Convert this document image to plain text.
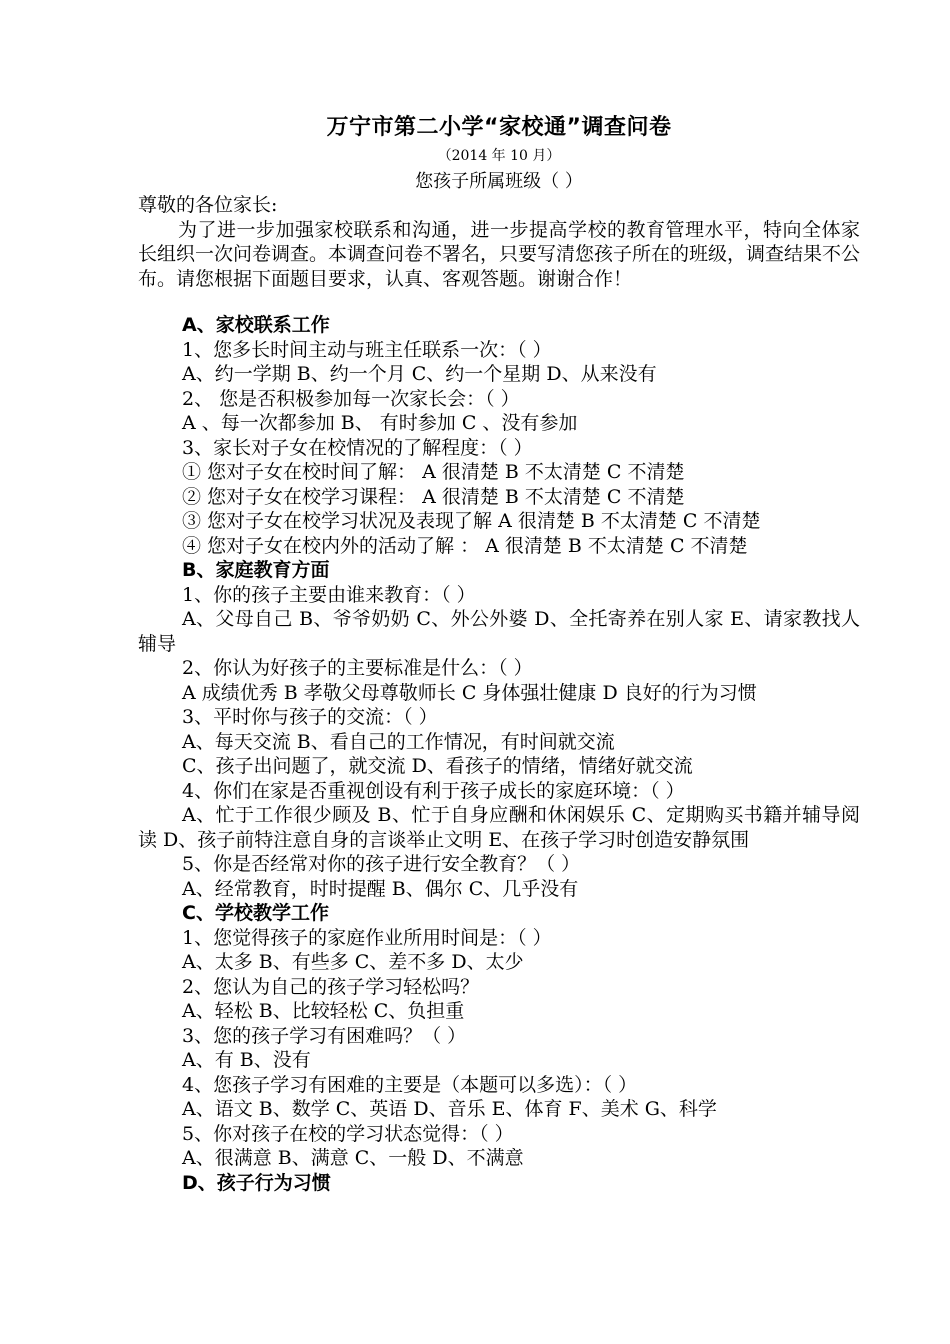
万宁市第二小学“家校通”调查问卷
（2014 年 10 月）
您孩子所属班级（ ）
尊敬的各位家长:
为了进一步加强家校联系和沟通，进一步提高学校的教育管理水平，特向全体家长组织一次问卷调查。本调查问卷不署名，只要写清您孩子所在的班级，调查结果不公布。请您根据下面题目要求，认真、客观答题。谢谢合作！
A、家校联系工作
1、您多长时间主动与班主任联系一次：（ ）
A、约一学期 B、约一个月 C、约一个星期 D、从来没有
2、 您是否积极参加每一次家长会：（ ）
A 、每一次都参加 B、 有时参加 C 、没有参加
3、家长对子女在校情况的了解程度：（ ）
① 您对子女在校时间了解： A 很清楚 B 不太清楚 C 不清楚
② 您对子女在校学习课程： A 很清楚 B 不太清楚 C 不清楚
③ 您对子女在校学习状况及表现了解 A 很清楚 B 不太清楚 C 不清楚
④ 您对子女在校内外的活动了解 ： A 很清楚 B 不太清楚 C 不清楚
B、家庭教育方面
1、你的孩子主要由谁来教育：（ ）
A、父母自己 B、爷爷奶奶 C、外公外婆 D、全托寄养在别人家 E、请家教找人辅导
2、你认为好孩子的主要标准是什么：（ ）
A 成绩优秀 B 孝敬父母尊敬师长 C 身体强壮健康 D 良好的行为习惯
3、平时你与孩子的交流：（ ）
A、每天交流 B、看自己的工作情况，有时间就交流
C、孩子出问题了，就交流 D、看孩子的情绪，情绪好就交流
4、你们在家是否重视创设有利于孩子成长的家庭环境：（ ）
A、忙于工作很少顾及 B、忙于自身应酬和休闲娱乐 C、定期购买书籍并辅导阅读 D、孩子前特注意自身的言谈举止文明 E、在孩子学习时创造安静氛围
5、你是否经常对你的孩子进行安全教育？（ ）
A、经常教育，时时提醒 B、偶尔 C、几乎没有
C、学校教学工作
1、您觉得孩子的家庭作业所用时间是：（ ）
A、太多 B、有些多 C、差不多 D、太少
2、您认为自己的孩子学习轻松吗？
A、轻松 B、比较轻松 C、负担重
3、您的孩子学习有困难吗？（ ）
A、有 B、没有
4、您孩子学习有困难的主要是（本题可以多选）：（ ）
A、语文 B、数学 C、英语 D、音乐 E、体育 F、美术 G、科学
5、你对孩子在校的学习状态觉得：（ ）
A、很满意 B、满意 C、一般 D、不满意
D、孩子行为习惯
